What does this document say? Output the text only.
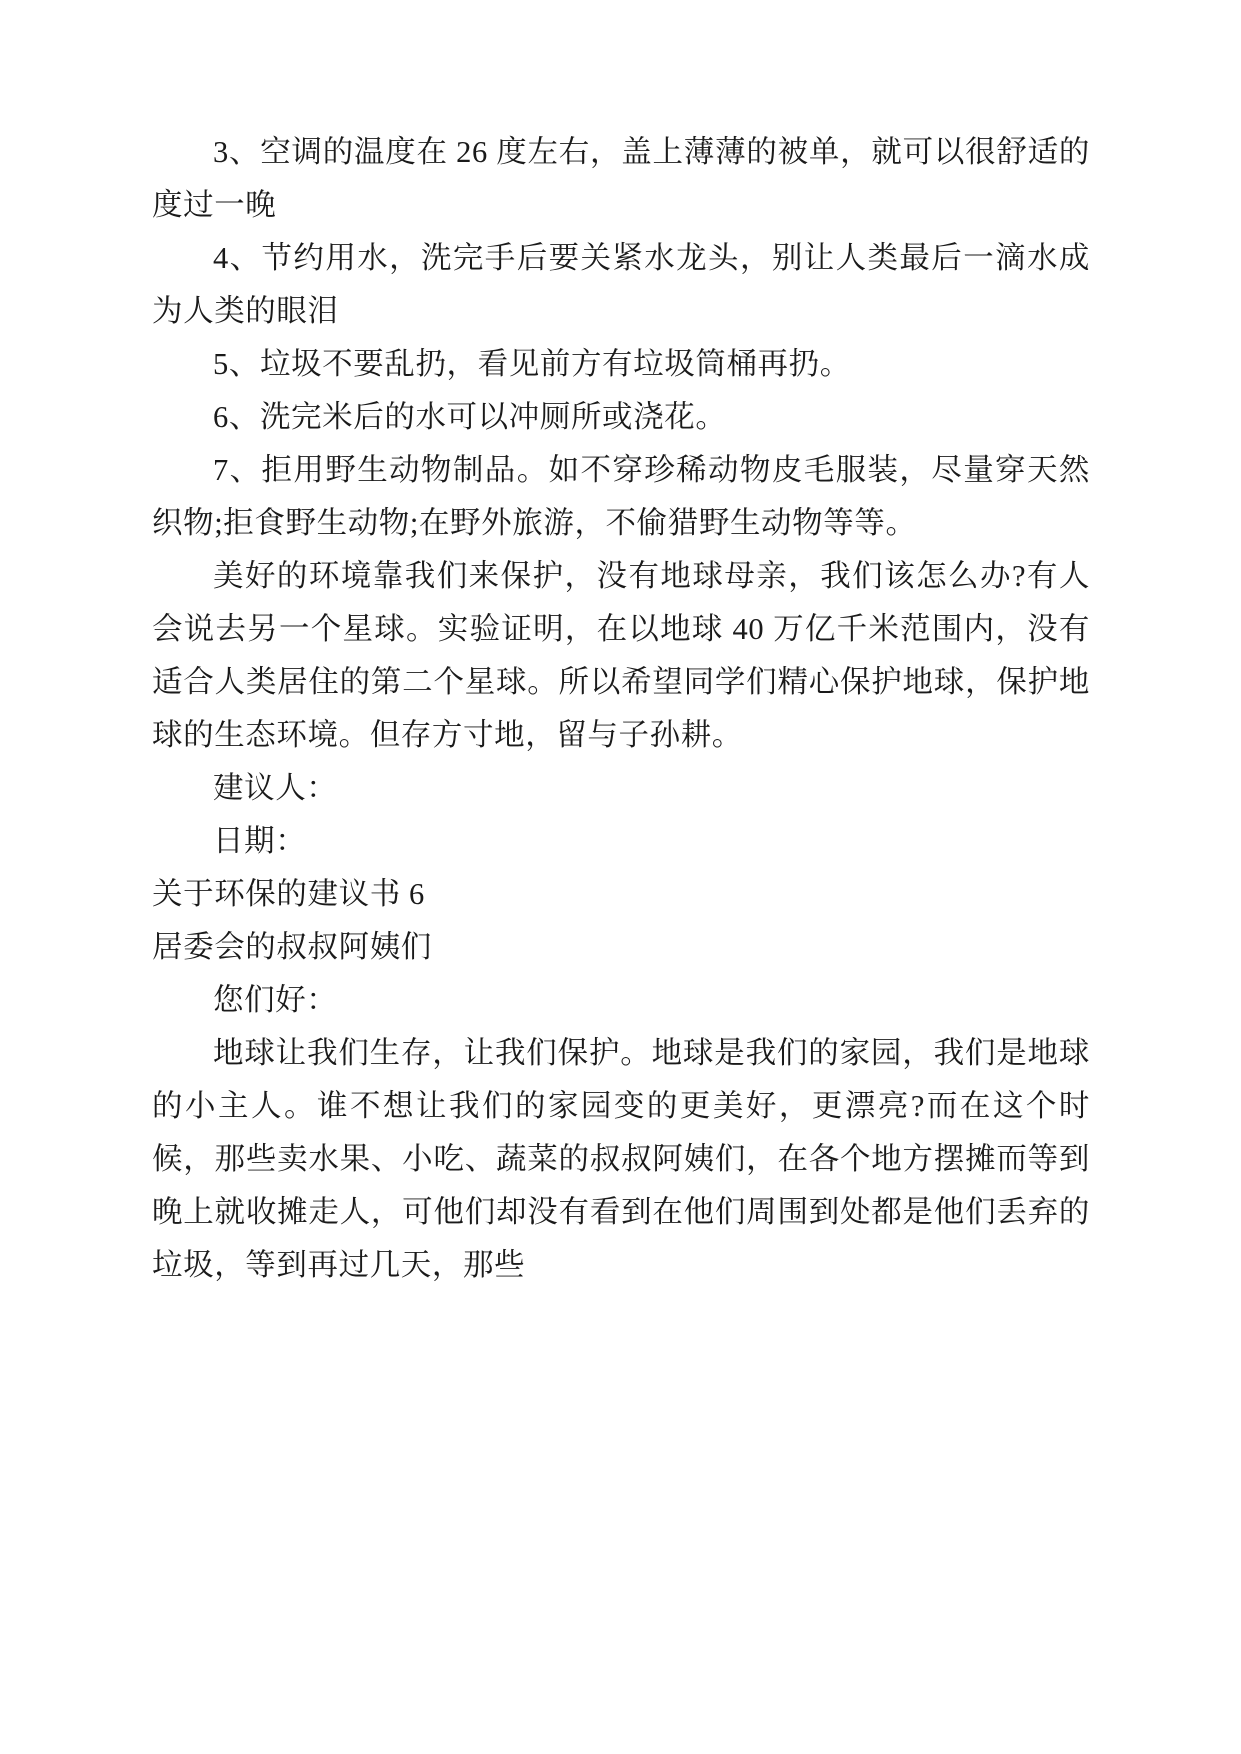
3、空调的温度在 26 度左右，盖上薄薄的被单，就可以很舒适的度过一晚

4、节约用水，洗完手后要关紧水龙头，别让人类最后一滴水成为人类的眼泪

5、垃圾不要乱扔，看见前方有垃圾筒桶再扔。

6、洗完米后的水可以冲厕所或浇花。

7、拒用野生动物制品。如不穿珍稀动物皮毛服装，尽量穿天然织物;拒食野生动物;在野外旅游，不偷猎野生动物等等。

美好的环境靠我们来保护，没有地球母亲，我们该怎么办?有人会说去另一个星球。实验证明，在以地球 40 万亿千米范围内，没有适合人类居住的第二个星球。所以希望同学们精心保护地球，保护地球的生态环境。但存方寸地，留与子孙耕。

建议人：

日期：

关于环保的建议书 6

居委会的叔叔阿姨们

您们好：

地球让我们生存，让我们保护。地球是我们的家园，我们是地球的小主人。谁不想让我们的家园变的更美好，更漂亮?而在这个时候，那些卖水果、小吃、蔬菜的叔叔阿姨们，在各个地方摆摊而等到晚上就收摊走人，可他们却没有看到在他们周围到处都是他们丢弃的垃圾，等到再过几天，那些
